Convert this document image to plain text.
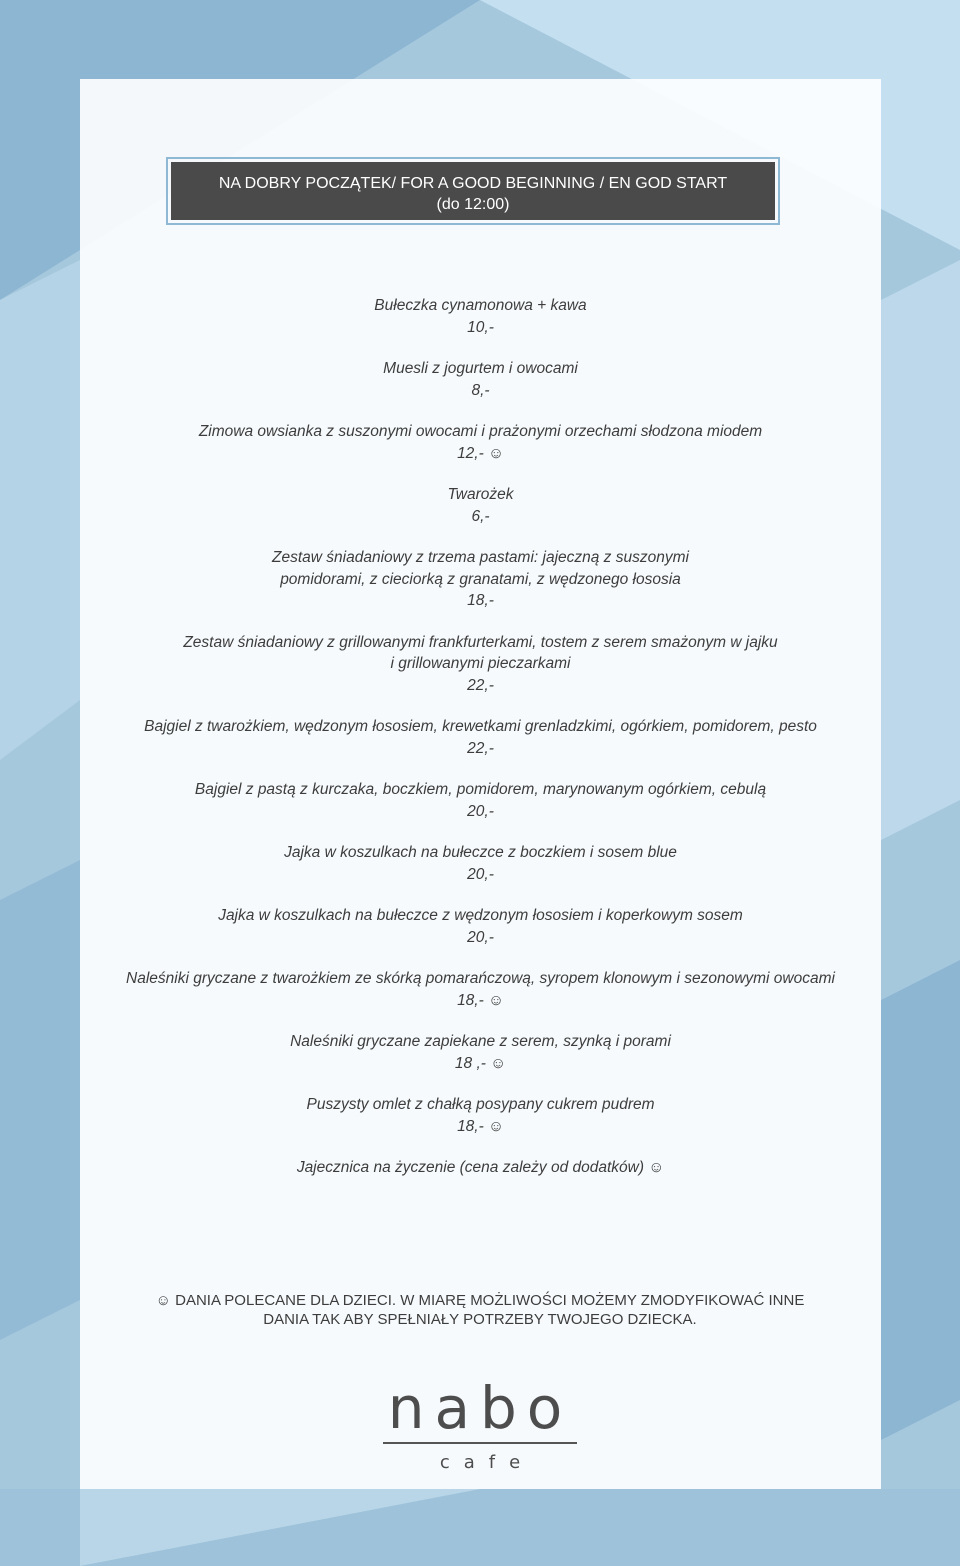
NA DOBRY POCZĄTEK/ FOR A GOOD BEGINNING / EN GOD START
(do 12:00)
Bułeczka cynamonowa + kawa
10,-
Muesli z jogurtem i owocami
8,-
Zimowa owsianka z suszonymi owocami i prażonymi orzechami słodzona miodem
12,- ☺
Twarożek
6,-
Zestaw śniadaniowy z trzema pastami: jajeczną z suszonymi
pomidorami, z cieciorką z granatami, z wędzonego łososia
18,-
Zestaw śniadaniowy z grillowanymi frankfurterkami, tostem z serem smażonym w jajku
i grillowanymi pieczarkami
22,-
Bajgiel z twarożkiem, wędzonym łososiem, krewetkami grenladzkimi, ogórkiem, pomidorem, pesto
22,-
Bajgiel z pastą z kurczaka, boczkiem, pomidorem, marynowanym ogórkiem, cebulą
20,-
Jajka w koszulkach na bułeczce z boczkiem i sosem blue
20,-
Jajka w koszulkach na bułeczce z wędzonym łososiem i koperkowym sosem
20,-
Naleśniki gryczane z twarożkiem ze skórką pomarańczową, syropem klonowym i sezonowymi owocami
18,- ☺
Naleśniki gryczane zapiekane z serem, szynką i porami
18 ,- ☺
Puszysty omlet z chałką posypany cukrem pudrem
18,- ☺
Jajecznica na życzenie (cena zależy od dodatków) ☺
☺ DANIA POLECANE DLA DZIECI. W MIARĘ MOŻLIWOŚCI MOŻEMY ZMODYFIKOWAĆ INNE
DANIA TAK ABY SPEŁNIAŁY POTRZEBY TWOJEGO DZIECKA.
nabo
cafe
